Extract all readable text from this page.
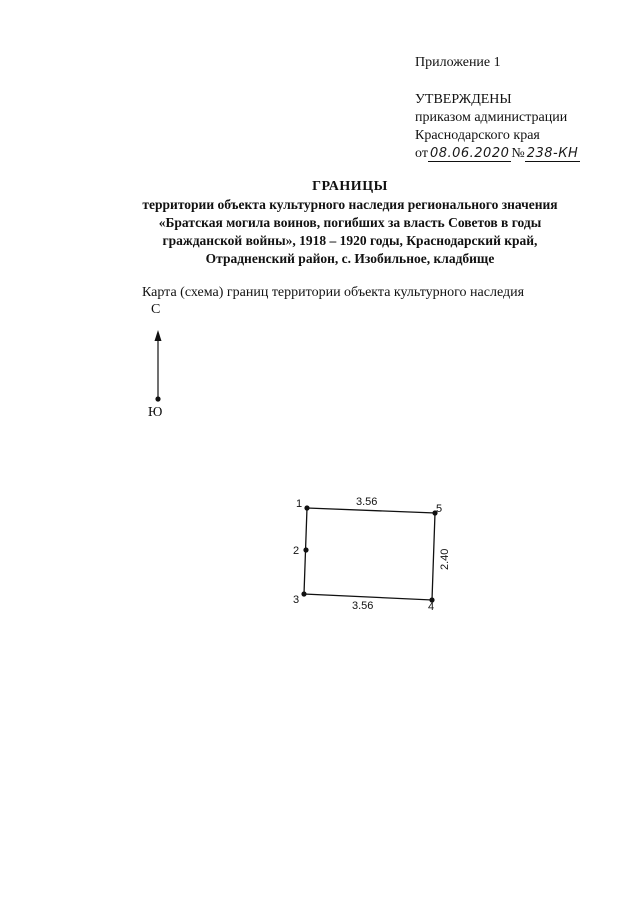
Приложение 1
УТВЕРЖДЕНЫ
приказом администрации
Краснодарского края
от 08.06.2020 № 238-КН
ГРАНИЦЫ
территории объекта культурного наследия регионального значения
«Братская могила воинов, погибших за власть Советов в годы
гражданской войны», 1918 – 1920 годы, Краснодарский край,
Отрадненский район, с. Изобильное, кладбище
Карта (схема) границ территории объекта культурного наследия
С
Ю
1
2
3
4
5
3.56
3.56
2.40
